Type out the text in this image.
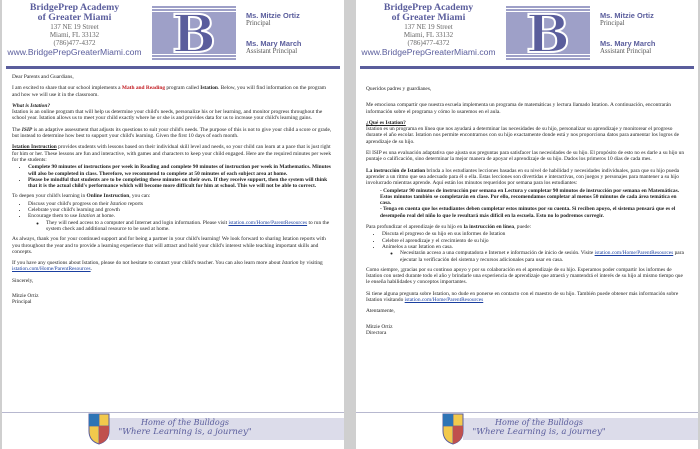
BridgePrep Academy
of Greater Miami
137 NE 19 Street
Miami, FL 33132
(786)477-4372
www.BridgePrepGreaterMiami.com B	Ms. Mitzie Ortiz
Principal
Ms. Mary March
Assistant Principal

Dear Parents and Guardians,

I am excited to share that our school implements a Math and Reading program called Istation. Below, you will find information on the program and how we will use it in the classroom.

What is Istation?
Istation is an online program that will help us determine your child's needs, personalize his or her learning, and monitor progress throughout the school year. Istation allows us to meet your child exactly where he or she is and provides data for us to increase your child's learning gains.

The ISIP is an adaptive assessment that adjusts its questions to suit your child's needs. The purpose of this is not to give your child a score or grade, but instead to determine how best to support your child's learning. Given the first 10 days of each month.

Istation Instruction provides students with lessons based on their individual skill level and needs, so your child can learn at a pace that is just right for him or her. These lessons are fun and interactive, with games and characters to keep your child engaged. Here are the required minutes per week for the students:

• Complete 90 minutes of instructions per week in Reading and complete 90 minutes of instruction per week in Mathematics. Minutes will also be completed in class. Therefore, we recommend to complete at 50 minutes of each subject area at home.
• Please be mindful that students are to be completing these minutes on their own. If they receive support, then the system will think that it is the actual child's performance which will become more difficult for him at school. This we will not be able to correct.

To deepen your child's learning in Online Instruction, you can:

• Discuss your child's progress on their Istation reports
• Celebrate your child's learning and growth
• Encourage them to use Istation at home.
◦ They will need access to a computer and Internet and login information. Please visit istation.com/Home/ParentResources to run the system check and additional resource to be used at home.

As always, thank you for your continued support and for being a partner in your child's learning! We look forward to sharing Istation reports with you throughout the year and to provide a learning experience that will attract and hold your child's interest while teaching important skills and concepts.

If you have any questions about Istation, please do not hesitate to contact your child's teacher. You can also learn more about Istation by visiting istation.com/Home/ParentResources.

Sincerely,

Mitzie Ortiz
Principal
Home of the Bulldogs
"Where Learning is, a journey"
BridgePrep Academy
of Greater Miami
137 NE 19 Street
Miami, FL 33132
(786)477-4372
www.BridgePrepGreaterMiami.com B	Ms. Mitzie Ortiz
Principal
Ms. Mary March
Assistant Principal

Queridos padres y guardianes,

Me emociona compartir que nuestra escuela implementa un programa de matemáticas y lectura llamado Istation. A continuación, encontrarán información sobre el programa y cómo lo usaremos en el aula.

¿Qué es Istation?
Istation es un programa en línea que nos ayudará a determinar las necesidades de su hijo, personalizar su aprendizaje y monitorear el progreso durante el año escolar. Istation nos permite encontrarnos con su hijo exactamente donde está y nos proporciona datos para aumentar los logros de aprendizaje de su hijo.

El ISIP es una evaluación adaptativa que ajusta sus preguntas para satisfacer las necesidades de su hijo. El propósito de esto no es darle a su hijo un puntaje o calificación, sino determinar la mejor manera de apoyar el aprendizaje de su hijo. Dados los primeros 10 días de cada mes.

La instrucción de Istation brinda a los estudiantes lecciones basadas en su nivel de habilidad y necesidades individuales, para que su hijo pueda aprender a un ritmo que sea adecuado para él o ella. Estas lecciones son divertidas e interactivas, con juegos y personajes para mantener a su hijo involucrado mientras aprende. Aquí están los minutos requeridos por semana para los estudiantes:

- Completar 90 minutos de instrucción por semana en Lectura y completar 90 minutos de instrucción por semana en Matemáticas. Estos minutos también se completarán en clase. Por ello, recomendamos completar al menos 50 minutos de cada área temática en casa.
- Tenga en cuenta que los estudiantes deben completar estos minutos por su cuenta. Si reciben apoyo, el sistema pensará que es el desempeño real del niño lo que le resultará más difícil en la escuela. Esto no lo podremos corregir.

Para profundizar el aprendizaje de su hijo en la instrucción en línea, puede:

• Discuta el progreso de su hijo en sus informes de Istation
• Celebre el aprendizaje y el crecimiento de su hijo
• Anímelos a usar Istation en casa.
◦ Necesitarán acceso a una computadora e Internet e información de inicio de sesión. Visite istation.com/Home/ParentResources para ejecutar la verificación del sistema y recursos adicionales para usar en casa.

Como siempre, ¡gracias por su continuo apoyo y por su colaboración en el aprendizaje de su hijo. Esperamos poder compartir los informes de Istation con usted durante todo el año y brindarle una experiencia de aprendizaje que atraerá y mantendrá el interés de su hijo al mismo tiempo que le enseña habilidades y conceptos importantes.

Si tiene alguna pregunta sobre Istation, no dude en ponerse en contacto con el maestro de su hijo. También puede obtener más información sobre Istation visitando istation.com/Home/ParentResources

Atentamente,

Mitzie Ortiz
Directora
Home of the Bulldogs
"Where Learning is, a journey"
